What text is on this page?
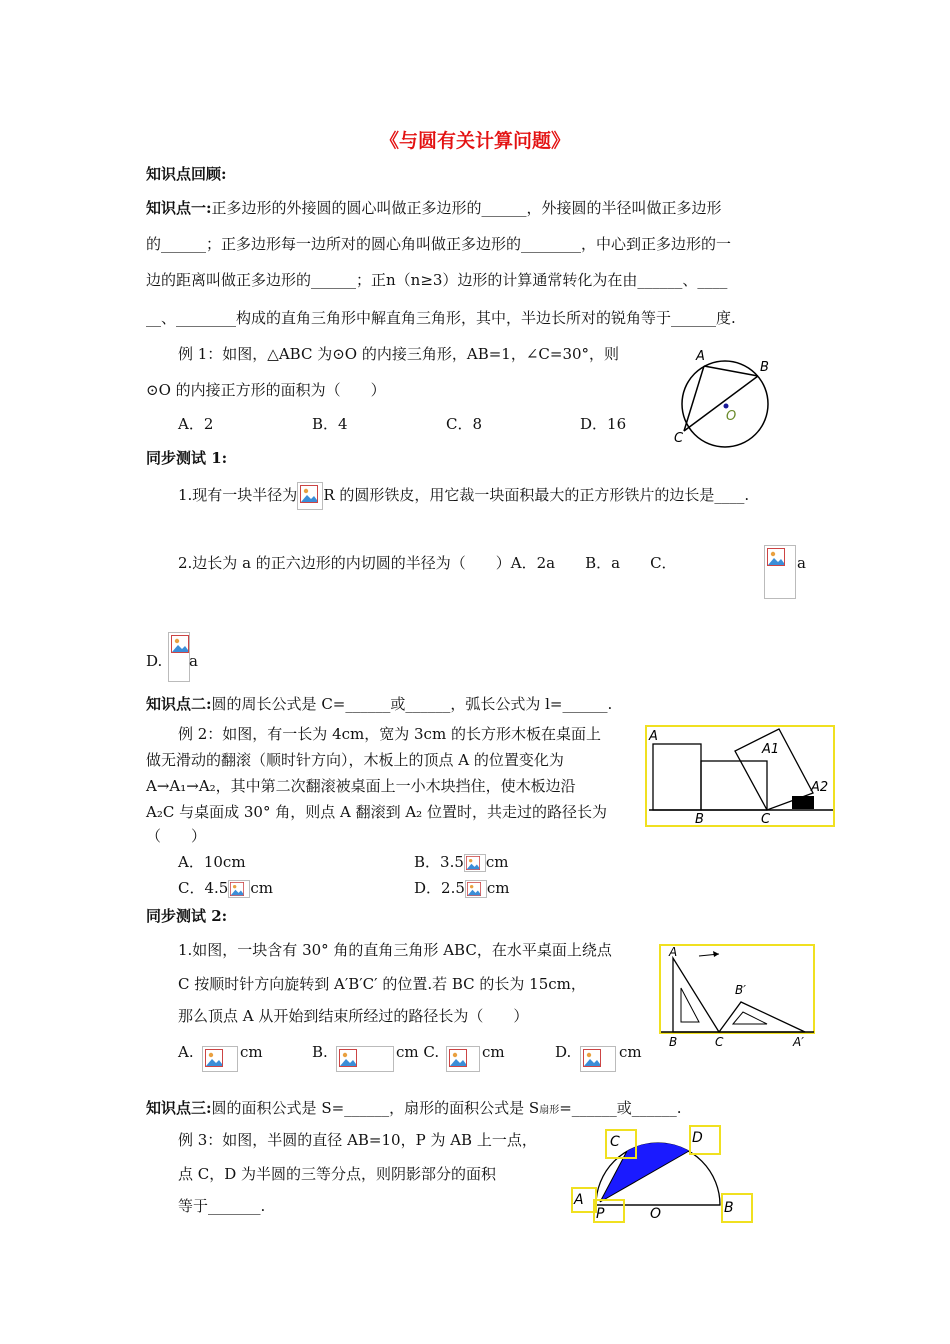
《与圆有关计算问题》
知识点回顾:
知识点一:正多边形的外接圆的圆心叫做正多边形的______，外接圆的半径叫做正多边形
的______；正多边形每一边所对的圆心角叫做正多边形的________，中心到正多边形的一
边的距离叫做正多边形的______；正n（n≥3）边形的计算通常转化为在由______、____
__、________构成的直角三角形中解直角三角形，其中，半边长所对的锐角等于______度.
例 1：如图，△ABC 为⊙O 的内接三角形，AB=1，∠C=30°，则
⊙O 的内接正方形的面积为（　　）
A．2	B．4	C．8	D．16
A
B
C
O
同步测试 1:
1.现有一块半径为 R 的圆形铁皮，用它裁一块面积最大的正方形铁片的边长是____.
2.边长为 a 的正六边形的内切圆的半径为（　　）A．2a　　B．a　　C．	a
D. a
知识点二:圆的周长公式是 C=______或______，弧长公式为 l=______.
例 2：如图，有一长为 4cm，宽为 3cm 的长方形木板在桌面上
做无滑动的翻滚（顺时针方向），木板上的顶点 A 的位置变化为
A→A₁→A₂，其中第二次翻滚被桌面上一小木块挡住，使木板边沿
A₂C 与桌面成 30° 角，则点 A 翻滚到 A₂ 位置时，共走过的路径长为
（　　）
A．10cm	B．3.5 cm
C．4.5 cm	D．2.5 cm
A
A1
A2
B	C
同步测试 2:
1.如图，一块含有 30° 角的直角三角形 ABC，在水平桌面上绕点
C 按顺时针方向旋转到 A′B′C′ 的位置.若 BC 的长为 15cm，
那么顶点 A 从开始到结束所经过的路径长为（　　）
A.	cm	B.	cm C.	cm	D.	cm
A
B′
B	C	A′
知识点三:圆的面积公式是 S=______，扇形的面积公式是 S扇形=______或______.
例 3：如图，半圆的直径 AB=10，P 为 AB 上一点，
点 C，D 为半圆的三等分点，则阴影部分的面积
等于_______.
C	D
A
P	O	B
